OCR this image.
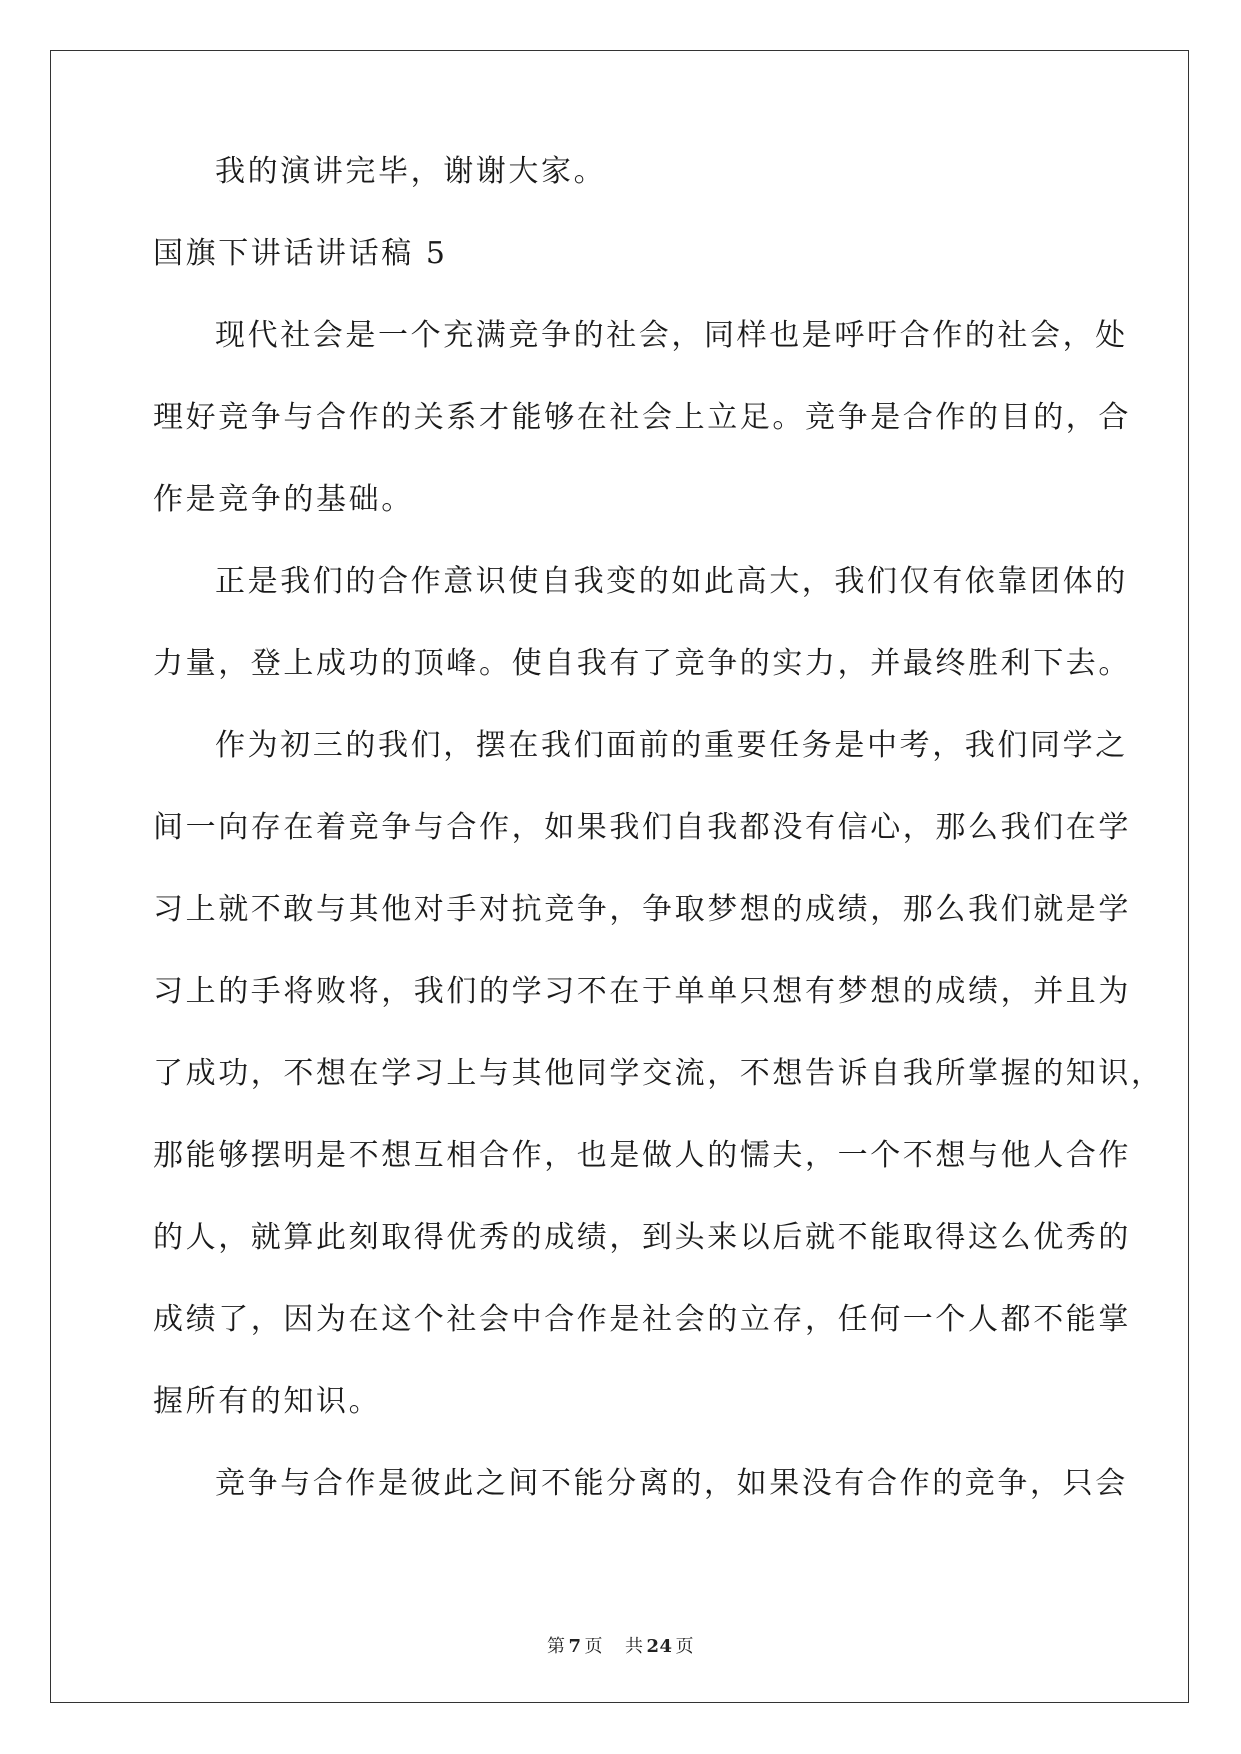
我的演讲完毕，谢谢大家。
国旗下讲话讲话稿 5
现代社会是一个充满竞争的社会，同样也是呼吁合作的社会，处
理好竞争与合作的关系才能够在社会上立足。竞争是合作的目的，合
作是竞争的基础。
正是我们的合作意识使自我变的如此高大，我们仅有依靠团体的
力量，登上成功的顶峰。使自我有了竞争的实力，并最终胜利下去。
作为初三的我们，摆在我们面前的重要任务是中考，我们同学之
间一向存在着竞争与合作，如果我们自我都没有信心，那么我们在学
习上就不敢与其他对手对抗竞争，争取梦想的成绩，那么我们就是学
习上的手将败将，我们的学习不在于单单只想有梦想的成绩，并且为
了成功，不想在学习上与其他同学交流，不想告诉自我所掌握的知识，
那能够摆明是不想互相合作，也是做人的懦夫，一个不想与他人合作
的人，就算此刻取得优秀的成绩，到头来以后就不能取得这么优秀的
成绩了，因为在这个社会中合作是社会的立存，任何一个人都不能掌
握所有的知识。
竞争与合作是彼此之间不能分离的，如果没有合作的竞争，只会
第 7 页 共 24 页
